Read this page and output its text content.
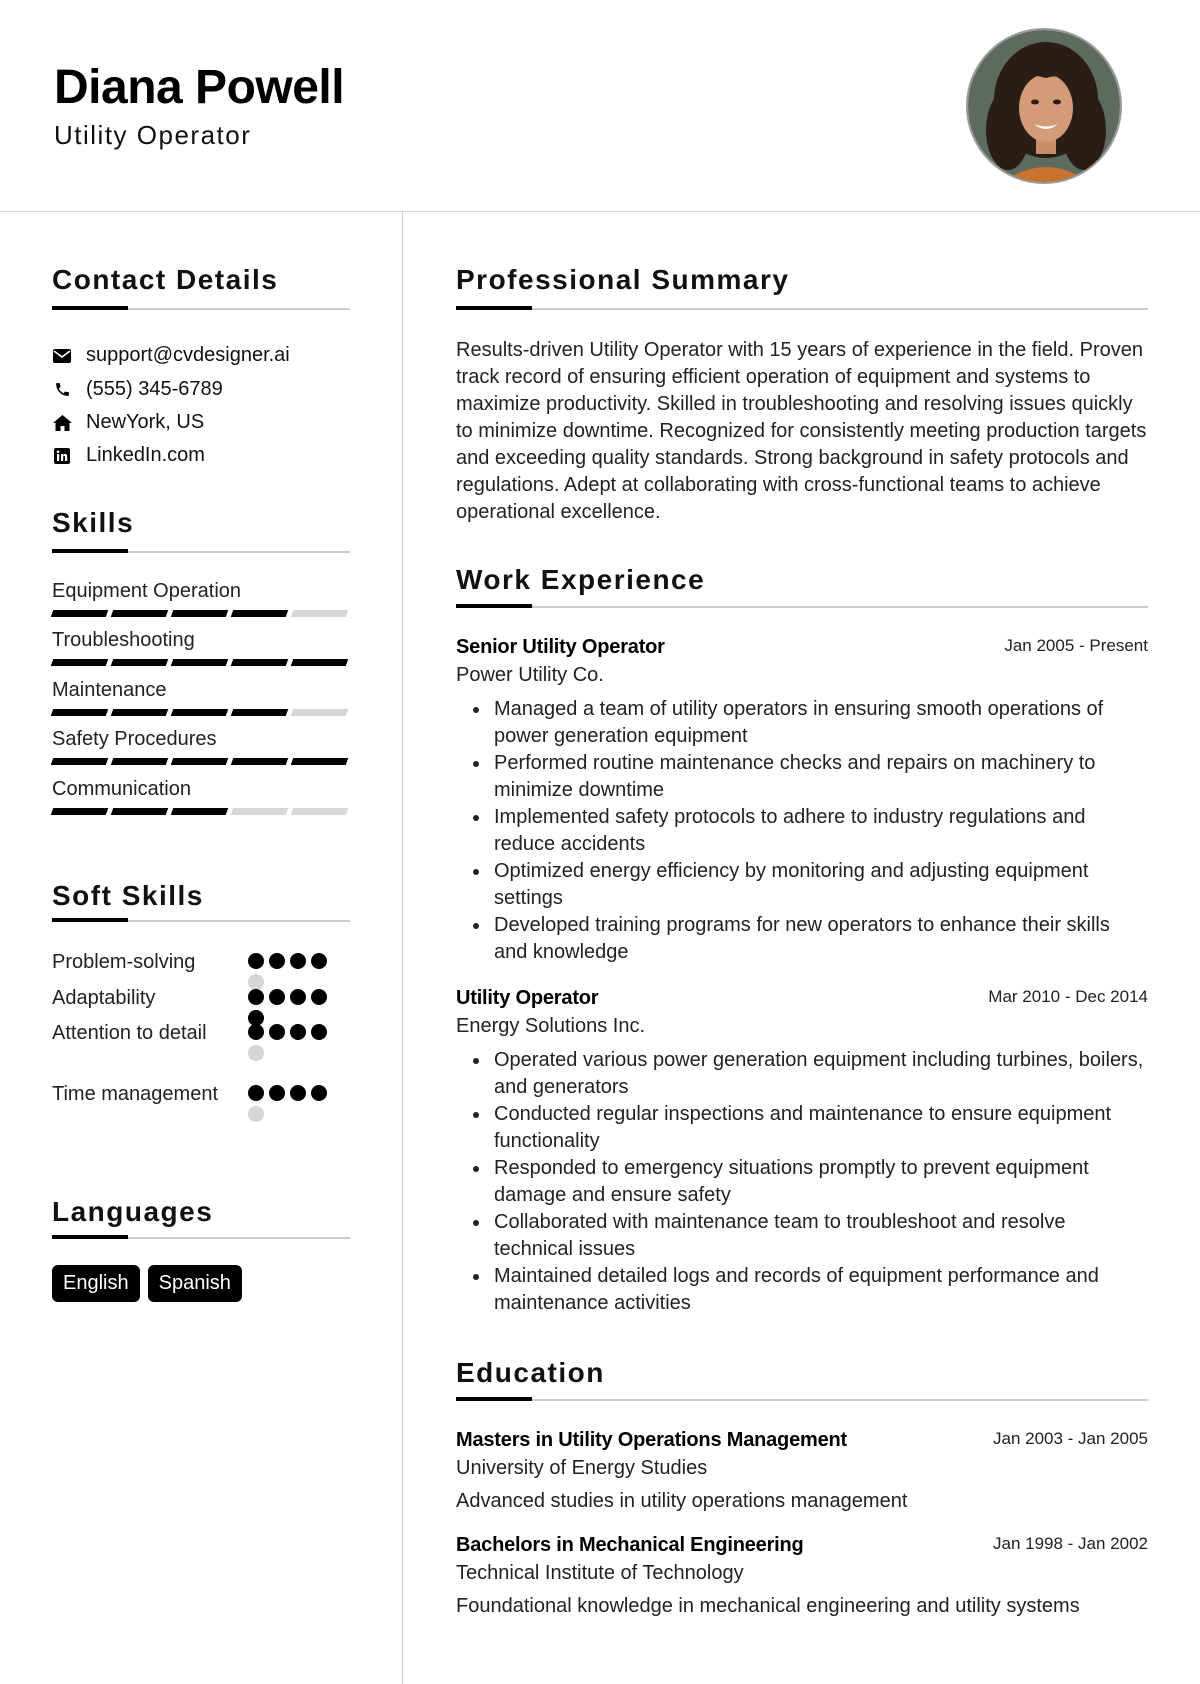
Diana Powell
Utility Operator
Contact Details
support@cvdesigner.ai
(555) 345-6789
NewYork, US
LinkedIn.com
Skills
Equipment Operation
Troubleshooting
Maintenance
Safety Procedures
Communication
Soft Skills
Problem-solving
Adaptability
Attention to detail
Time management
Languages
English	Spanish
Professional Summary
Results-driven Utility Operator with 15 years of experience in the field. Proven track record of ensuring efficient operation of equipment and systems to maximize productivity. Skilled in troubleshooting and resolving issues quickly to minimize downtime. Recognized for consistently meeting production targets and exceeding quality standards. Strong background in safety protocols and regulations. Adept at collaborating with cross-functional teams to achieve operational excellence.
Work Experience
Senior Utility Operator	Jan 2005 - Present
Power Utility Co.
Managed a team of utility operators in ensuring smooth operations of power generation equipment
Performed routine maintenance checks and repairs on machinery to minimize downtime
Implemented safety protocols to adhere to industry regulations and reduce accidents
Optimized energy efficiency by monitoring and adjusting equipment settings
Developed training programs for new operators to enhance their skills and knowledge
Utility Operator	Mar 2010 - Dec 2014
Energy Solutions Inc.
Operated various power generation equipment including turbines, boilers, and generators
Conducted regular inspections and maintenance to ensure equipment functionality
Responded to emergency situations promptly to prevent equipment damage and ensure safety
Collaborated with maintenance team to troubleshoot and resolve technical issues
Maintained detailed logs and records of equipment performance and maintenance activities
Education
Masters in Utility Operations Management	Jan 2003 - Jan 2005
University of Energy Studies
Advanced studies in utility operations management
Bachelors in Mechanical Engineering	Jan 1998 - Jan 2002
Technical Institute of Technology
Foundational knowledge in mechanical engineering and utility systems
